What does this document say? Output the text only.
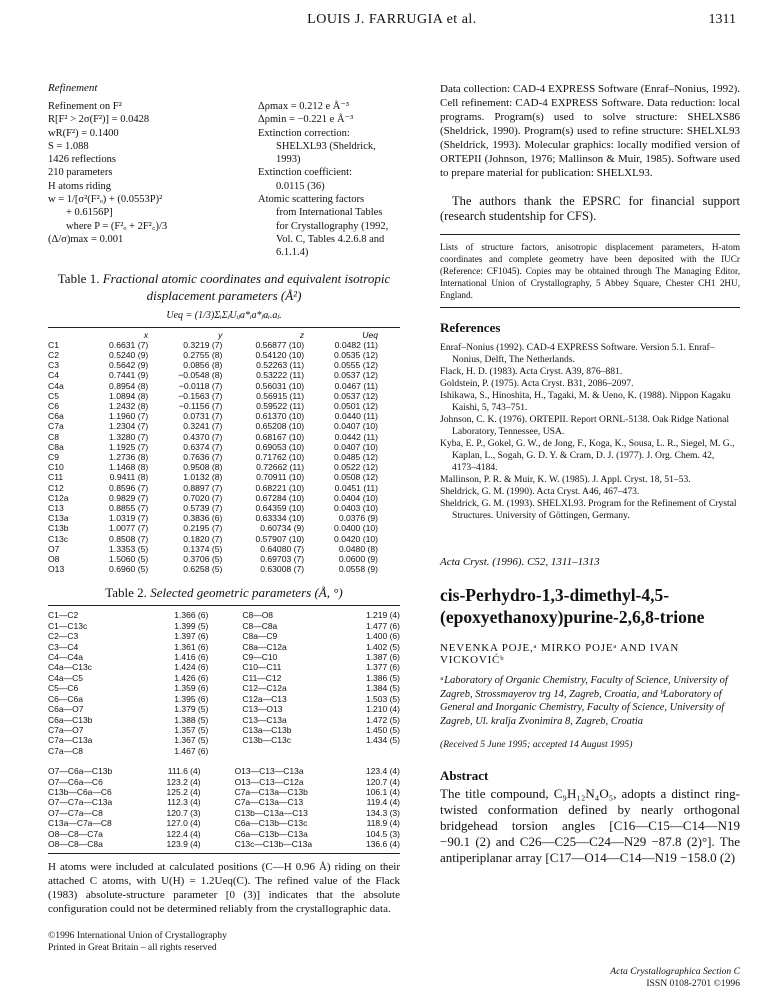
LOUIS J. FARRUGIA et al.	1311
Refinement
Refinement on F²
R[F² > 2σ(F²)] = 0.0428
wR(F²) = 0.1400
S = 1.088
1426 reflections
210 parameters
H atoms riding
w = 1/[σ²(F²ₒ) + (0.0553P)²
+ 0.6156P]
where P = (F²ₒ + 2F²꜀)/3
(Δ/σ)max = 0.001
Δρmax = 0.212 e Å⁻³
Δρmin = −0.221 e Å⁻³
Extinction correction:
SHELXL93 (Sheldrick,
1993)
Extinction coefficient:
0.0115 (36)
Atomic scattering factors
from International Tables
for Crystallography (1992,
Vol. C, Tables 4.2.6.8 and
6.1.1.4)
Table 1. Fractional atomic coordinates and equivalent isotropic displacement parameters (Å²)
Ueq = (1/3)ΣᵢΣⱼUᵢⱼa*ᵢa*ⱼaᵢ.aⱼ.
	x	y	z	Ueq
C1	0.6631 (7)	0.3219 (7)	0.56877 (10)	0.0482 (11)
C2	0.5240 (9)	0.2755 (8)	0.54120 (10)	0.0535 (12)
C3	0.5642 (9)	0.0856 (8)	0.52263 (11)	0.0555 (12)
C4	0.7441 (9)	−0.0548 (8)	0.53222 (11)	0.0537 (12)
C4a	0.8954 (8)	−0.0118 (7)	0.56031 (10)	0.0467 (11)
C5	1.0894 (8)	−0.1563 (7)	0.56915 (11)	0.0537 (12)
C6	1.2432 (8)	−0.1156 (7)	0.59522 (11)	0.0501 (12)
C6a	1.1960 (7)	0.0731 (7)	0.61370 (10)	0.0440 (11)
C7a	1.2304 (7)	0.3241 (7)	0.65208 (10)	0.0407 (10)
C8	1.3280 (7)	0.4370 (7)	0.68167 (10)	0.0442 (11)
C8a	1.1925 (7)	0.6374 (7)	0.69053 (10)	0.0407 (10)
C9	1.2736 (8)	0.7636 (7)	0.71762 (10)	0.0485 (12)
C10	1.1468 (8)	0.9508 (8)	0.72662 (11)	0.0522 (12)
C11	0.9411 (8)	1.0132 (8)	0.70911 (10)	0.0508 (12)
C12	0.8596 (7)	0.8897 (7)	0.68221 (10)	0.0451 (11)
C12a	0.9829 (7)	0.7020 (7)	0.67284 (10)	0.0404 (10)
C13	0.8855 (7)	0.5739 (7)	0.64359 (10)	0.0403 (10)
C13a	1.0319 (7)	0.3836 (6)	0.63334 (10)	0.0376 (9)
C13b	1.0077 (7)	0.2195 (7)	0.60734 (9)	0.0400 (10)
C13c	0.8508 (7)	0.1820 (7)	0.57907 (10)	0.0420 (10)
O7	1.3353 (5)	0.1374 (5)	0.64080 (7)	0.0480 (8)
O8	1.5060 (5)	0.3706 (5)	0.69703 (7)	0.0600 (9)
O13	0.6960 (5)	0.6258 (5)	0.63008 (7)	0.0558 (9)
Table 2. Selected geometric parameters (Å, °)
C1—C2	1.366 (6)	C8—O8	1.219 (4)
C1—C13c	1.399 (5)	C8—C8a	1.477 (6)
C2—C3	1.397 (6)	C8a—C9	1.400 (6)
C3—C4	1.361 (6)	C8a—C12a	1.402 (5)
C4—C4a	1.416 (6)	C9—C10	1.387 (6)
C4a—C13c	1.424 (6)	C10—C11	1.377 (6)
C4a—C5	1.426 (6)	C11—C12	1.386 (5)
C5—C6	1.359 (6)	C12—C12a	1.384 (5)
C6—C6a	1.395 (6)	C12a—C13	1.503 (5)
C6a—O7	1.379 (5)	C13—O13	1.210 (4)
C6a—C13b	1.388 (5)	C13—C13a	1.472 (5)
C7a—O7	1.357 (5)	C13a—C13b	1.450 (5)
C7a—C13a	1.367 (5)	C13b—C13c	1.434 (5)
C7a—C8	1.467 (6)		
O7—C6a—C13b	111.6 (4)	O13—C13—C13a	123.4 (4)
O7—C6a—C6	123.2 (4)	O13—C13—C12a	120.7 (4)
C13b—C6a—C6	125.2 (4)	C7a—C13a—C13b	106.1 (4)
O7—C7a—C13a	112.3 (4)	C7a—C13a—C13	119.4 (4)
O7—C7a—C8	120.7 (3)	C13b—C13a—C13	134.3 (3)
C13a—C7a—C8	127.0 (4)	C6a—C13b—C13c	118.9 (4)
O8—C8—C7a	122.4 (4)	C6a—C13b—C13a	104.5 (3)
O8—C8—C8a	123.9 (4)	C13c—C13b—C13a	136.6 (4)
H atoms were included at calculated positions (C—H 0.96 Å) riding on their attached C atoms, with U(H) = 1.2Ueq(C). The refined value of the Flack (1983) absolute-structure parameter [0 (3)] indicates that the absolute configuration could not be determined reliably from the crystallographic data.
©1996 International Union of Crystallography
Printed in Great Britain – all rights reserved
Data collection: CAD-4 EXPRESS Software (Enraf–Nonius, 1992). Cell refinement: CAD-4 EXPRESS Software. Data reduction: local programs. Program(s) used to solve structure: SHELXS86 (Sheldrick, 1990). Program(s) used to refine structure: SHELXL93 (Sheldrick, 1993). Molecular graphics: locally modified version of ORTEPII (Johnson, 1976; Mallinson & Muir, 1985). Software used to prepare material for publication: SHELXL93.
The authors thank the EPSRC for financial support (research studentship for CFS).
Lists of structure factors, anisotropic displacement parameters, H-atom coordinates and complete geometry have been deposited with the IUCr (Reference: CF1045). Copies may be obtained through The Managing Editor, International Union of Crystallography, 5 Abbey Square, Chester CH1 2HU, England.
References
Enraf–Nonius (1992). CAD-4 EXPRESS Software. Version 5.1. Enraf–Nonius, Delft, The Netherlands.
Flack, H. D. (1983). Acta Cryst. A39, 876–881.
Goldstein, P. (1975). Acta Cryst. B31, 2086–2097.
Ishikawa, S., Hinoshita, H., Tagaki, M. & Ueno, K. (1988). Nippon Kagaku Kaishi, 5, 743–751.
Johnson, C. K. (1976). ORTEPII. Report ORNL-5138. Oak Ridge National Laboratory, Tennessee, USA.
Kyba, E. P., Gokel, G. W., de Jong, F., Koga, K., Sousa, L. R., Siegel, M. G., Kaplan, L., Sogah, G. D. Y. & Cram, D. J. (1977). J. Org. Chem. 42, 4173–4184.
Mallinson, P. R. & Muir, K. W. (1985). J. Appl. Cryst. 18, 51–53.
Sheldrick, G. M. (1990). Acta Cryst. A46, 467–473.
Sheldrick, G. M. (1993). SHELXL93. Program for the Refinement of Crystal Structures. University of Göttingen, Germany.
Acta Cryst. (1996). C52, 1311–1313
cis-Perhydro-1,3-dimethyl-4,5-(epoxyethanoxy)purine-2,6,8-trione
NEVENKA POJE,ᵃ MIRKO POJEᵃ AND IVAN VICKOVIĆᵇ
ᵃLaboratory of Organic Chemistry, Faculty of Science, University of Zagreb, Strossmayerov trg 14, Zagreb, Croatia, and ᵇLaboratory of General and Inorganic Chemistry, Faculty of Science, University of Zagreb, Ul. kralja Zvonimira 8, Zagreb, Croatia
(Received 5 June 1995; accepted 14 August 1995)
Abstract
The title compound, C₉H₁₂N₄O₅, adopts a distinct ring-twisted conformation defined by nearly orthogonal bridgehead torsion angles [C16—C15—C14—N19 −90.1 (2) and C26—C25—C24—N29 −87.8 (2)°]. The antiperiplanar array [C17—O14—C14—N19 −158.0 (2)
Acta Crystallographica Section C
ISSN 0108-2701 ©1996
